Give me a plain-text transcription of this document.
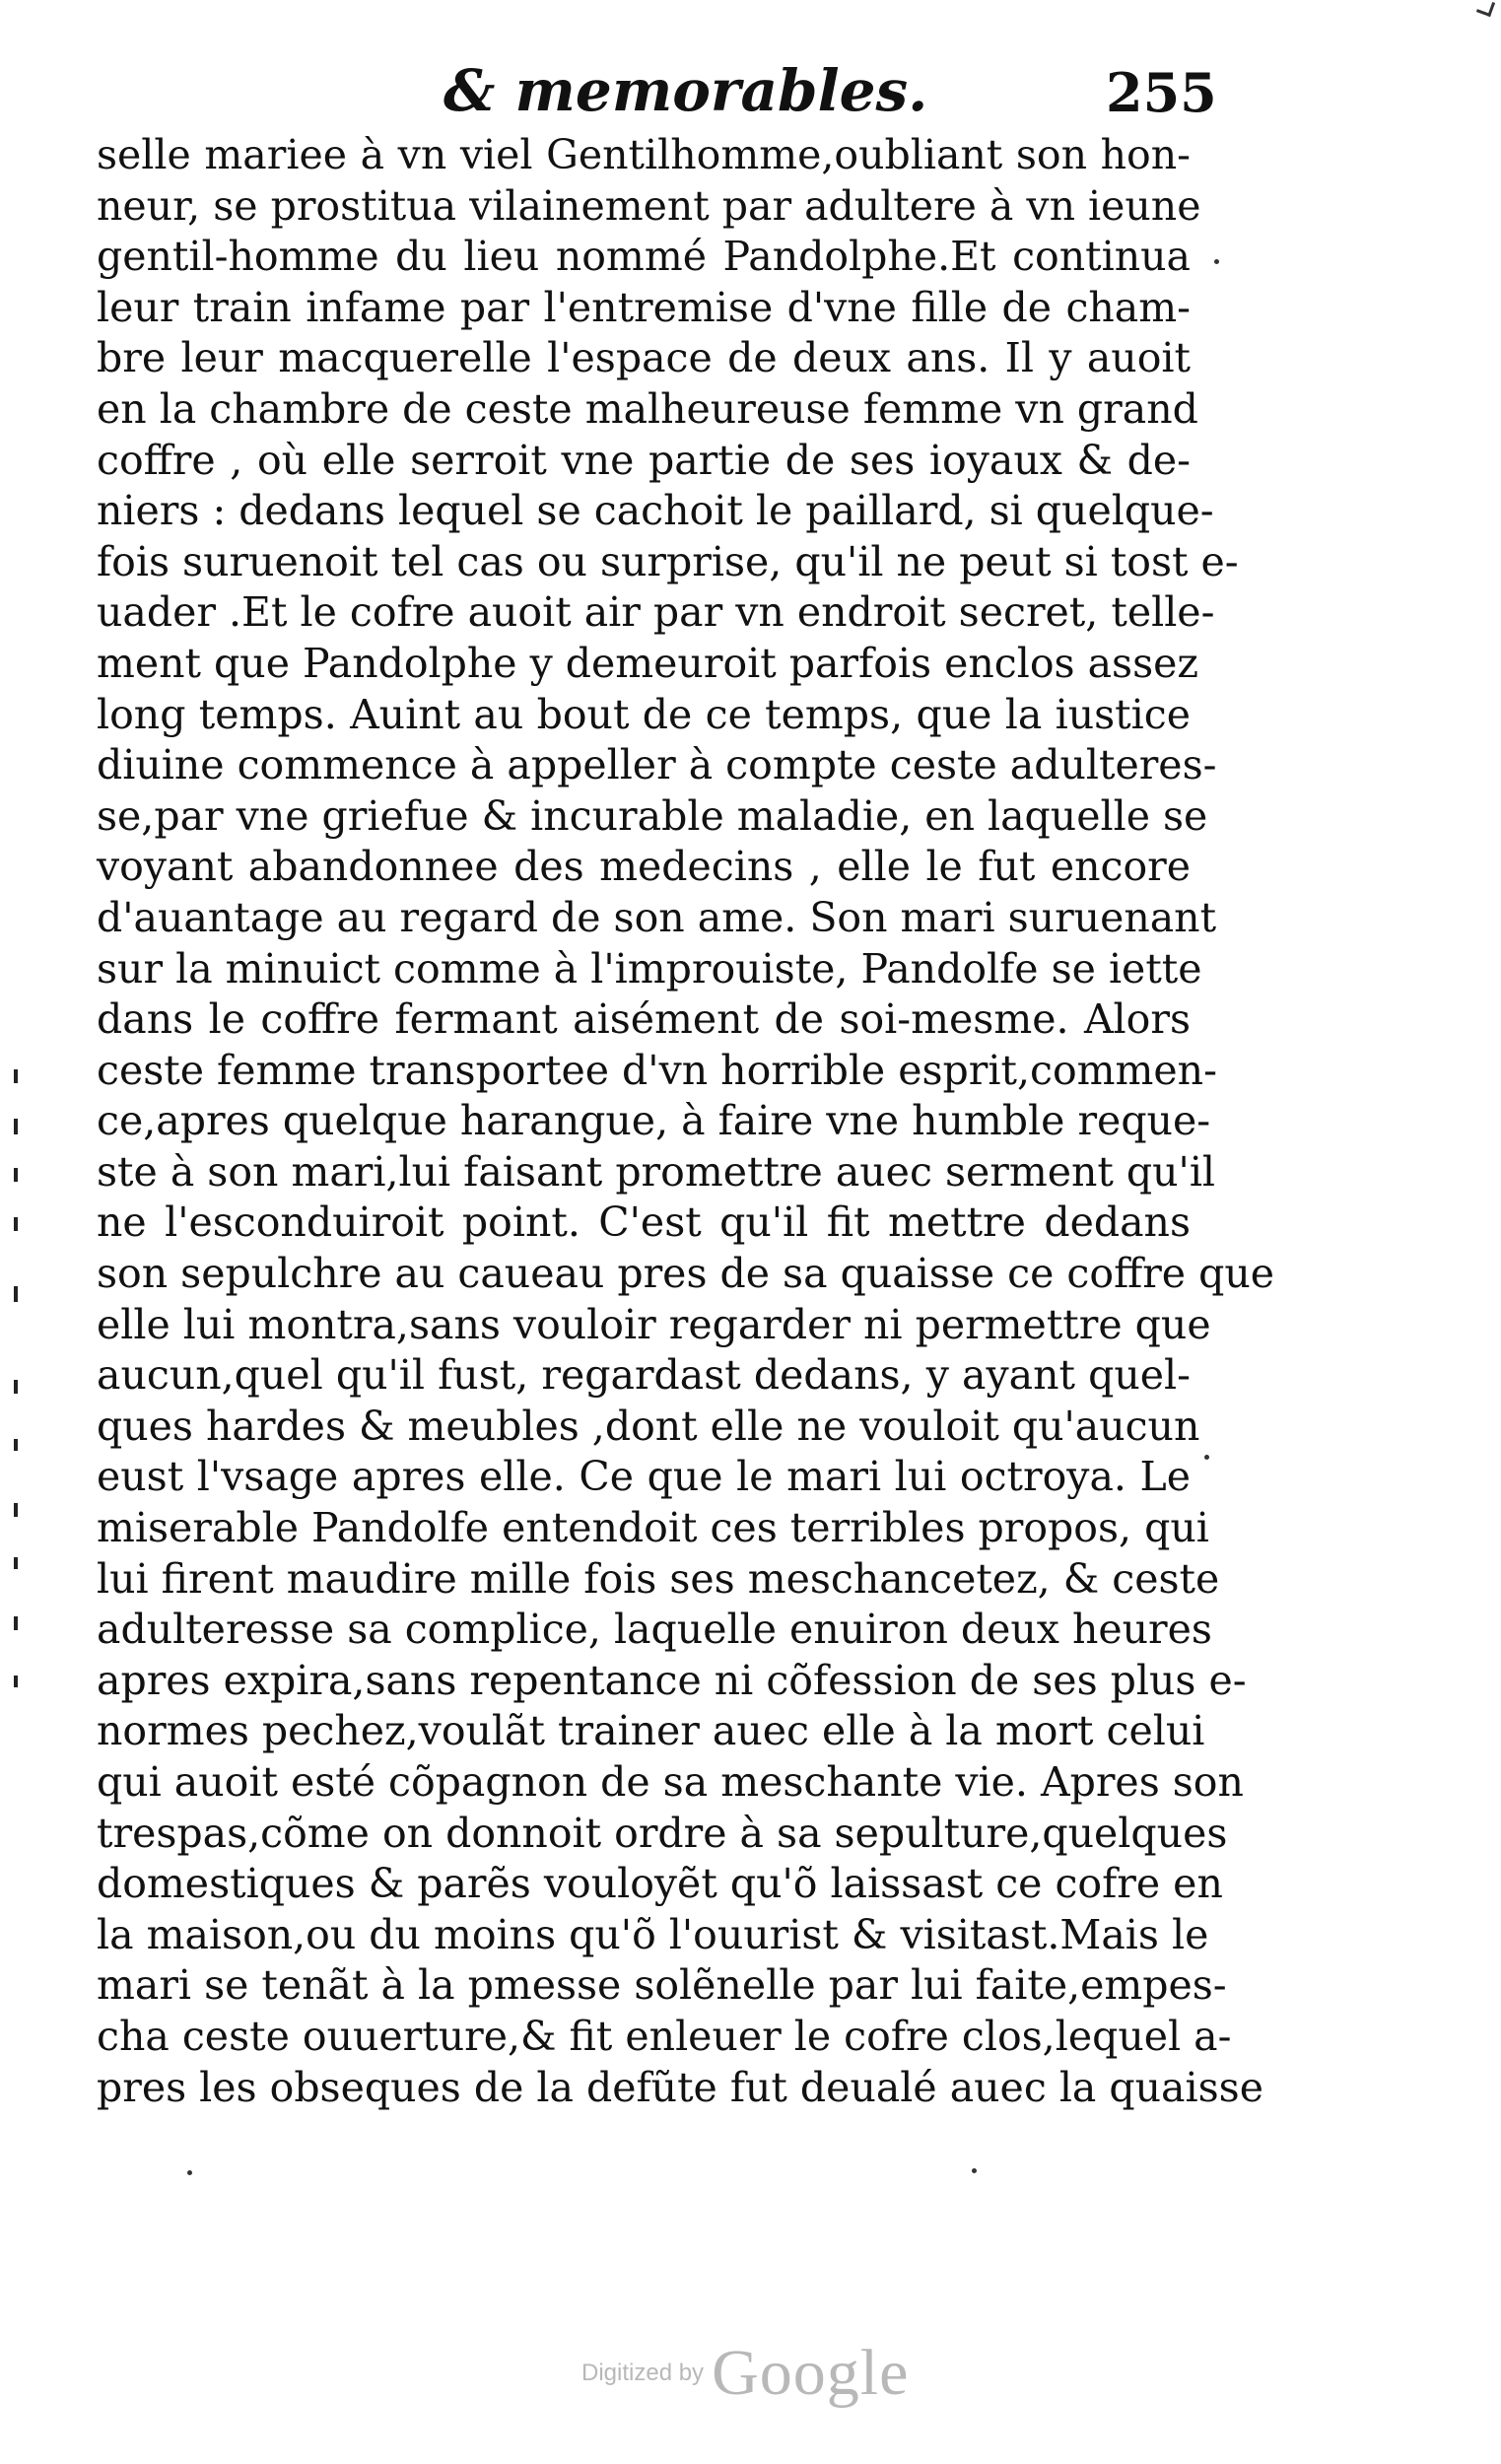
& memorables.	255
selle mariee à vn viel Gentilhomme,oubliant son hon-
neur, se prostitua vilainement par adultere à vn ieune
gentil-homme du lieu nommé Pandolphe.Et continua
leur train infame par l'entremise d'vne fille de cham-
bre leur macquerelle l'espace de deux ans. Il y auoit
en la chambre de ceste malheureuse femme vn grand
coffre , où elle serroit vne partie de ses ioyaux & de-
niers : dedans lequel se cachoit le paillard, si quelque-
fois suruenoit tel cas ou surprise, qu'il ne peut si tost e-
uader .Et le cofre auoit air par vn endroit secret, telle-
ment que Pandolphe y demeuroit parfois enclos assez
long temps. Auint au bout de ce temps, que la iustice
diuine commence à appeller à compte ceste adulteres-
se,par vne griefue & incurable maladie, en laquelle se
voyant abandonnee des medecins , elle le fut encore
d'auantage au regard de son ame. Son mari suruenant
sur la minuict comme à l'improuiste, Pandolfe se iette
dans le coffre fermant aisément de soi-mesme. Alors
ceste femme transportee d'vn horrible esprit,commen-
ce,apres quelque harangue, à faire vne humble reque-
ste à son mari,lui faisant promettre auec serment qu'il
ne l'esconduiroit point. C'est qu'il fit mettre dedans
son sepulchre au caueau pres de sa quaisse ce coffre que
elle lui montra,sans vouloir regarder ni permettre que
aucun,quel qu'il fust, regardast dedans, y ayant quel-
ques hardes & meubles ,dont elle ne vouloit qu'aucun
eust l'vsage apres elle. Ce que le mari lui octroya. Le
miserable Pandolfe entendoit ces terribles propos, qui
lui firent maudire mille fois ses meschancetez, & ceste
adulteresse sa complice, laquelle enuiron deux heures
apres expira,sans repentance ni cõfession de ses plus e-
normes pechez,voulãt trainer auec elle à la mort celui
qui auoit esté cõpagnon de sa meschante vie. Apres son
trespas,cõme on donnoit ordre à sa sepulture,quelques
domestiques & parẽs vouloyẽt qu'õ laissast ce cofre en
la maison,ou du moins qu'õ l'ouurist & visitast.Mais le
mari se tenãt à la pmesse solẽnelle par lui faite,empes-
cha ceste ouuerture,& fit enleuer le cofre clos,lequel a-
pres les obseques de la defũte fut deualé auec la quaisse
Digitized by Google
